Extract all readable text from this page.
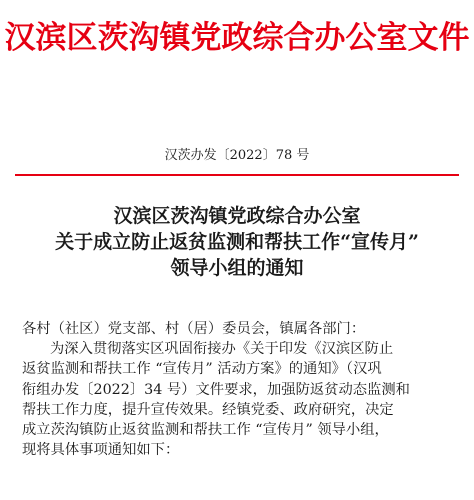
汉滨区茨沟镇党政综合办公室文件
汉茨办发〔2022〕78 号
汉滨区茨沟镇党政综合办公室
关于成立防止返贫监测和帮扶工作“宣传月”
领导小组的通知
各村（社区）党支部、村（居）委员会，镇属各部门：
为深入贯彻落实区巩固衔接办《关于印发《汉滨区防止
返贫监测和帮扶工作 “宣传月” 活动方案》的通知》（汉巩
衔组办发〔2022〕34 号）文件要求，加强防返贫动态监测和
帮扶工作力度，提升宣传效果。经镇党委、政府研究，决定
成立茨沟镇防止返贫监测和帮扶工作 “宣传月” 领导小组，
现将具体事项通知如下：
